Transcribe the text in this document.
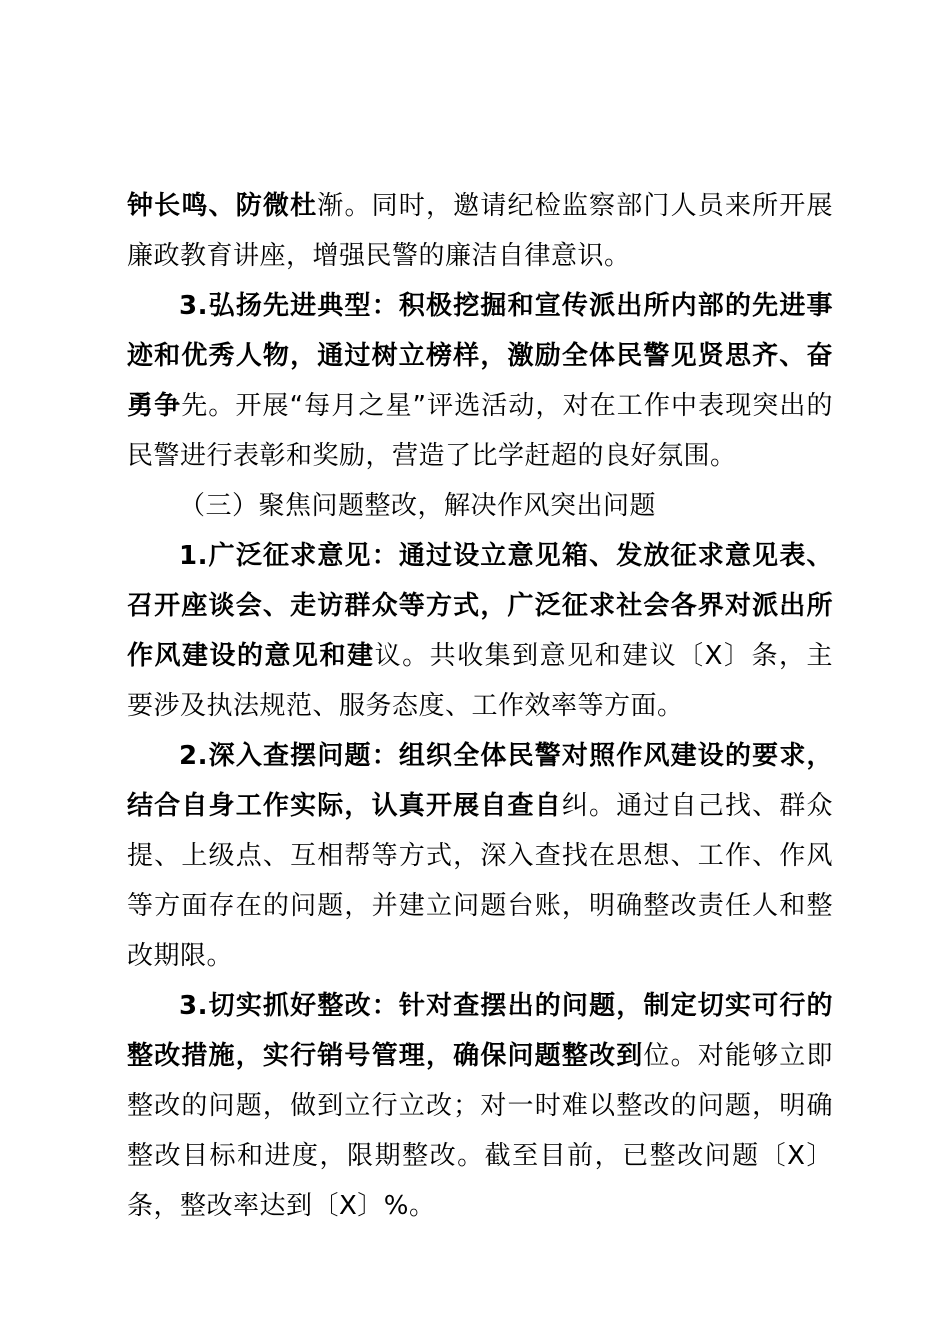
钟长鸣、防微杜渐。同时，邀请纪检监察部门人员来所开展廉政教育讲座，增强民警的廉洁自律意识。

3.弘扬先进典型：积极挖掘和宣传派出所内部的先进事迹和优秀人物，通过树立榜样，激励全体民警见贤思齐、奋勇争先。开展“每月之星”评选活动，对在工作中表现突出的民警进行表彰和奖励，营造了比学赶超的良好氛围。

（三）聚焦问题整改，解决作风突出问题

1.广泛征求意见：通过设立意见箱、发放征求意见表、召开座谈会、走访群众等方式，广泛征求社会各界对派出所作风建设的意见和建议。共收集到意见和建议〔X〕条，主要涉及执法规范、服务态度、工作效率等方面。

2.深入查摆问题：组织全体民警对照作风建设的要求，结合自身工作实际，认真开展自查自纠。通过自己找、群众提、上级点、互相帮等方式，深入查找在思想、工作、作风等方面存在的问题，并建立问题台账，明确整改责任人和整改期限。

3.切实抓好整改：针对查摆出的问题，制定切实可行的整改措施，实行销号管理，确保问题整改到位。对能够立即整改的问题，做到立行立改；对一时难以整改的问题，明确整改目标和进度，限期整改。截至目前，已整改问题〔X〕条，整改率达到〔X〕%。
